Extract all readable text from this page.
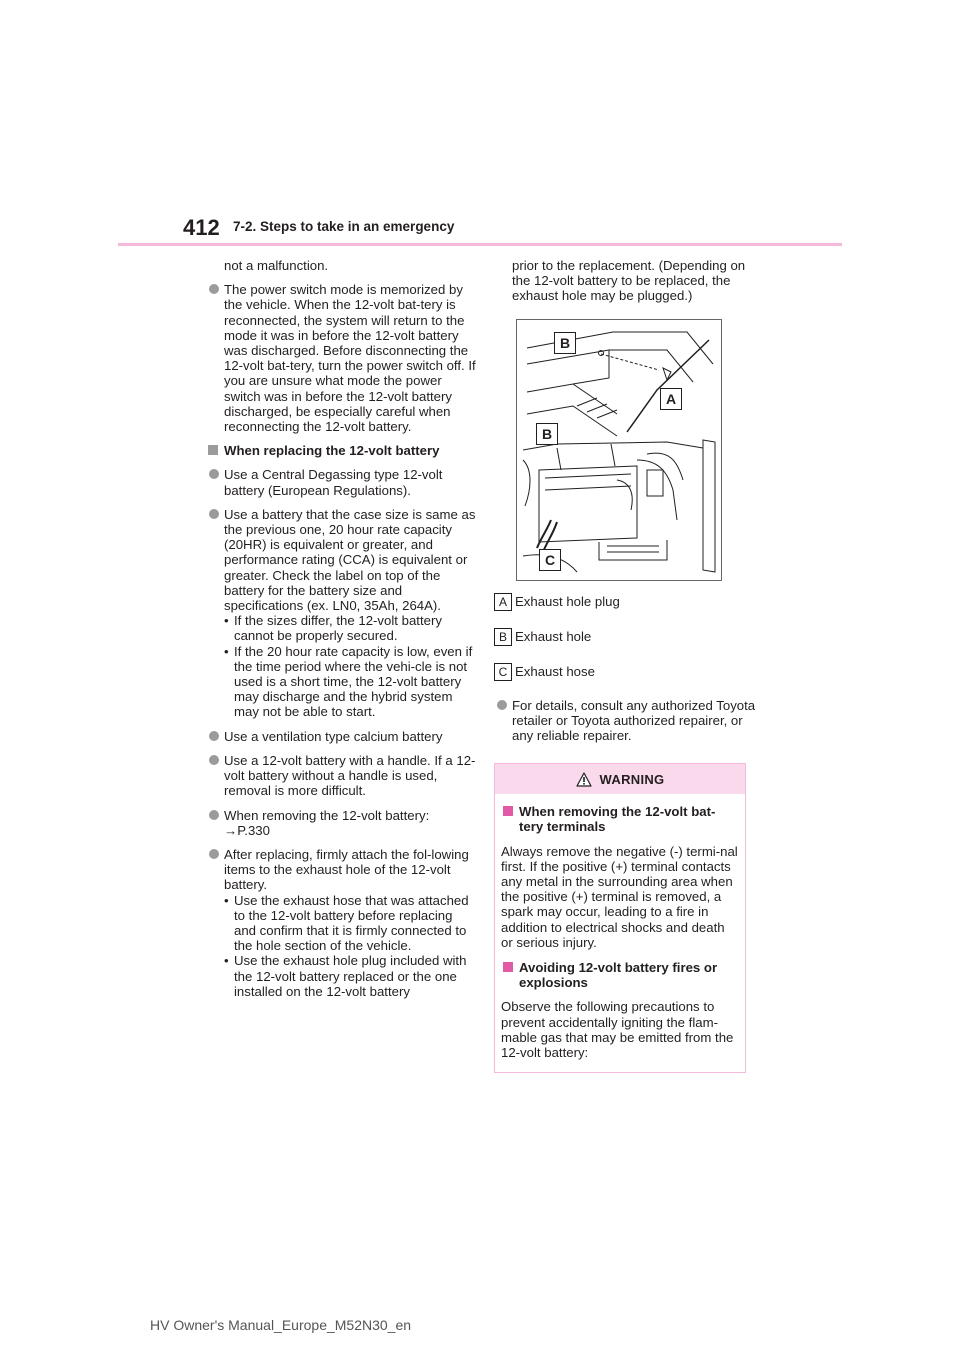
412 7-2. Steps to take in an emergency

not a malfunction.

The power switch mode is memorized by the vehicle. When the 12-volt bat-tery is reconnected, the system will return to the mode it was in before the 12-volt battery was discharged. Before disconnecting the 12-volt bat-tery, turn the power switch off. If you are unsure what mode the power switch was in before the 12-volt battery discharged, be especially careful when reconnecting the 12-volt battery.

When replacing the 12-volt battery

Use a Central Degassing type 12-volt battery (European Regulations).

Use a battery that the case size is same as the previous one, 20 hour rate capacity (20HR) is equivalent or greater, and performance rating (CCA) is equivalent or greater. Check the label on top of the battery for the battery size and specifications (ex. LN0, 35Ah, 264A).

• If the sizes differ, the 12-volt battery cannot be properly secured.

• If the 20 hour rate capacity is low, even if the time period where the vehi-cle is not used is a short time, the 12-volt battery may discharge and the hybrid system may not be able to start.

Use a ventilation type calcium battery

Use a 12-volt battery with a handle. If a 12-volt battery without a handle is used, removal is more difficult.

When removing the 12-volt battery:

→P.330

After replacing, firmly attach the fol-lowing items to the exhaust hole of the 12-volt battery.

• Use the exhaust hose that was attached to the 12-volt battery before replacing and confirm that it is firmly connected to the hole section of the vehicle.

• Use the exhaust hole plug included with the 12-volt battery replaced or the one installed on the 12-volt battery

prior to the replacement. (Depending on the 12-volt battery to be replaced, the exhaust hole may be plugged.)

B
A
B
C
A Exhaust hole plug
B Exhaust hole
C Exhaust hose

For details, consult any authorized Toyota retailer or Toyota authorized repairer, or any reliable repairer.

WARNING

When removing the 12-volt bat-tery terminals

Always remove the negative (-) termi-nal first. If the positive (+) terminal contacts any metal in the surrounding area when the positive (+) terminal is removed, a spark may occur, leading to a fire in addition to electrical shocks and death or serious injury.

Avoiding 12-volt battery fires or explosions

Observe the following precautions to prevent accidentally igniting the flam-mable gas that may be emitted from the 12-volt battery:

HV Owner's Manual_Europe_M52N30_en
